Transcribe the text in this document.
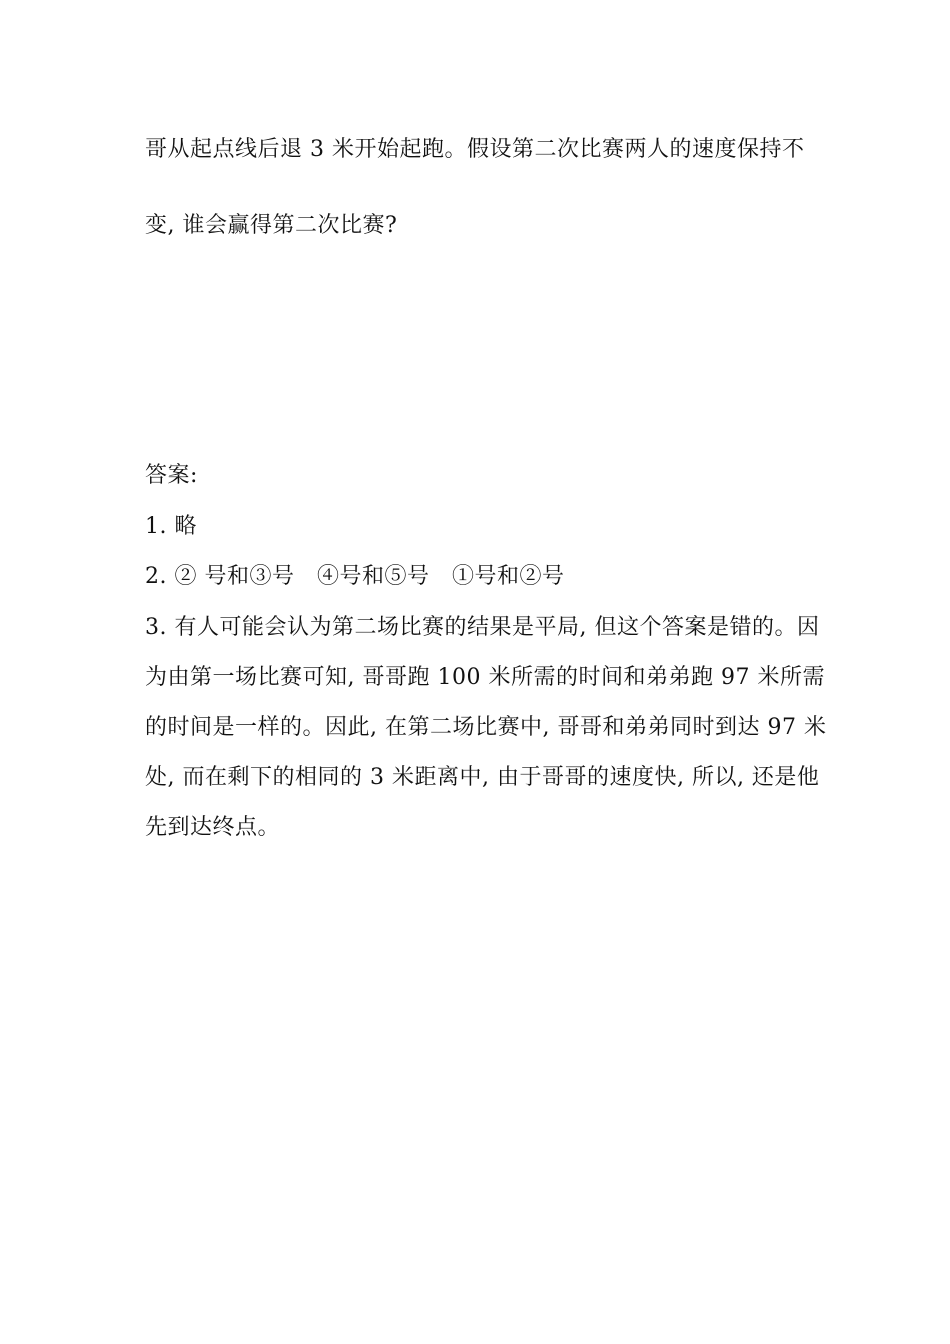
哥从起点线后退 3 米开始起跑。假设第二次比赛两人的速度保持不
变, 谁会赢得第二次比赛?
答案:
1. 略
2. ② 号和③号　④号和⑤号　①号和②号
3. 有人可能会认为第二场比赛的结果是平局, 但这个答案是错的。因
为由第一场比赛可知, 哥哥跑 100 米所需的时间和弟弟跑 97 米所需
的时间是一样的。因此, 在第二场比赛中, 哥哥和弟弟同时到达 97 米
处, 而在剩下的相同的 3 米距离中, 由于哥哥的速度快, 所以, 还是他
先到达终点。
